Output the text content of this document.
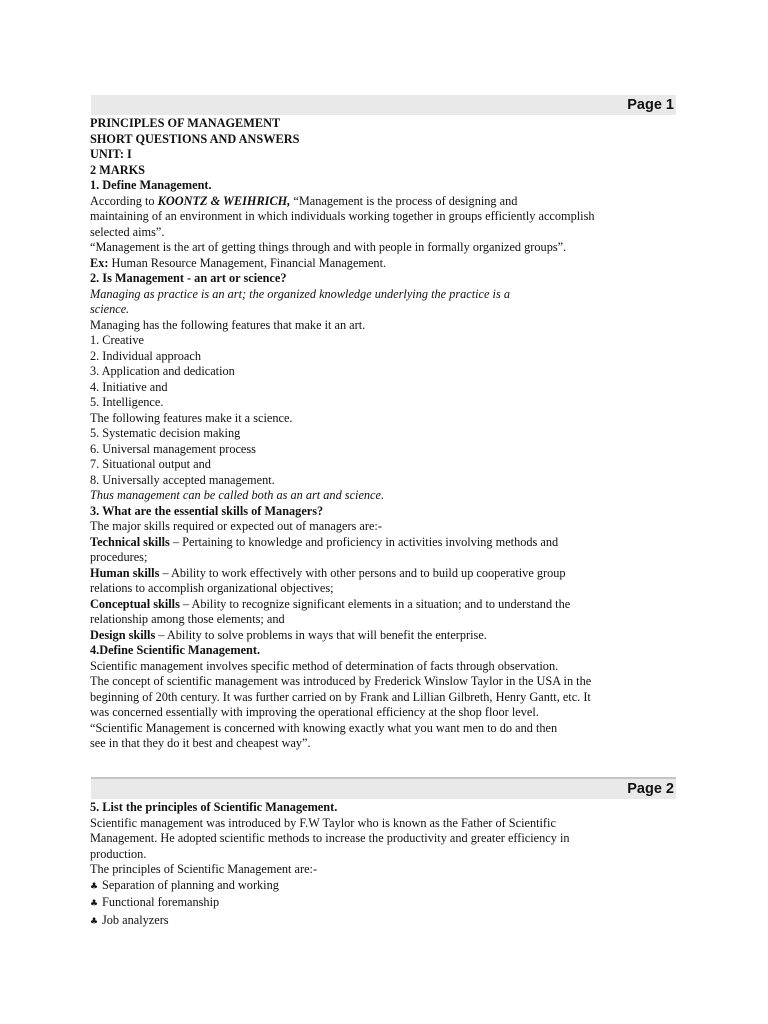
Page 1
PRINCIPLES OF MANAGEMENT
SHORT QUESTIONS AND ANSWERS
UNIT: I
2 MARKS
1. Define Management.
According to KOONTZ & WEIHRICH, “Management is the process of designing and
maintaining of an environment in which individuals working together in groups efficiently accomplish
selected aims”.
“Management is the art of getting things through and with people in formally organized groups”.
Ex: Human Resource Management, Financial Management.
2. Is Management - an art or science?
Managing as practice is an art; the organized knowledge underlying the practice is a
science.
Managing has the following features that make it an art.
1. Creative
2. Individual approach
3. Application and dedication
4. Initiative and
5. Intelligence.
The following features make it a science.
5. Systematic decision making
6. Universal management process
7. Situational output and
8. Universally accepted management.
Thus management can be called both as an art and science.
3. What are the essential skills of Managers?
The major skills required or expected out of managers are:-
Technical skills – Pertaining to knowledge and proficiency in activities involving methods and
procedures;
Human skills – Ability to work effectively with other persons and to build up cooperative group
relations to accomplish organizational objectives;
Conceptual skills – Ability to recognize significant elements in a situation; and to understand the
relationship among those elements; and
Design skills – Ability to solve problems in ways that will benefit the enterprise.
4.Define Scientific Management.
Scientific management involves specific method of determination of facts through observation.
The concept of scientific management was introduced by Frederick Winslow Taylor in the USA in the
beginning of 20th century. It was further carried on by Frank and Lillian Gilbreth, Henry Gantt, etc. It
was concerned essentially with improving the operational efficiency at the shop floor level.
“Scientific Management is concerned with knowing exactly what you want men to do and then
see in that they do it best and cheapest way”.
Page 2
5. List the principles of Scientific Management.
Scientific management was introduced by F.W Taylor who is known as the Father of Scientific
Management. He adopted scientific methods to increase the productivity and greater efficiency in
production.
The principles of Scientific Management are:-
♣ Separation of planning and working
♣ Functional foremanship
♣ Job analyzers
